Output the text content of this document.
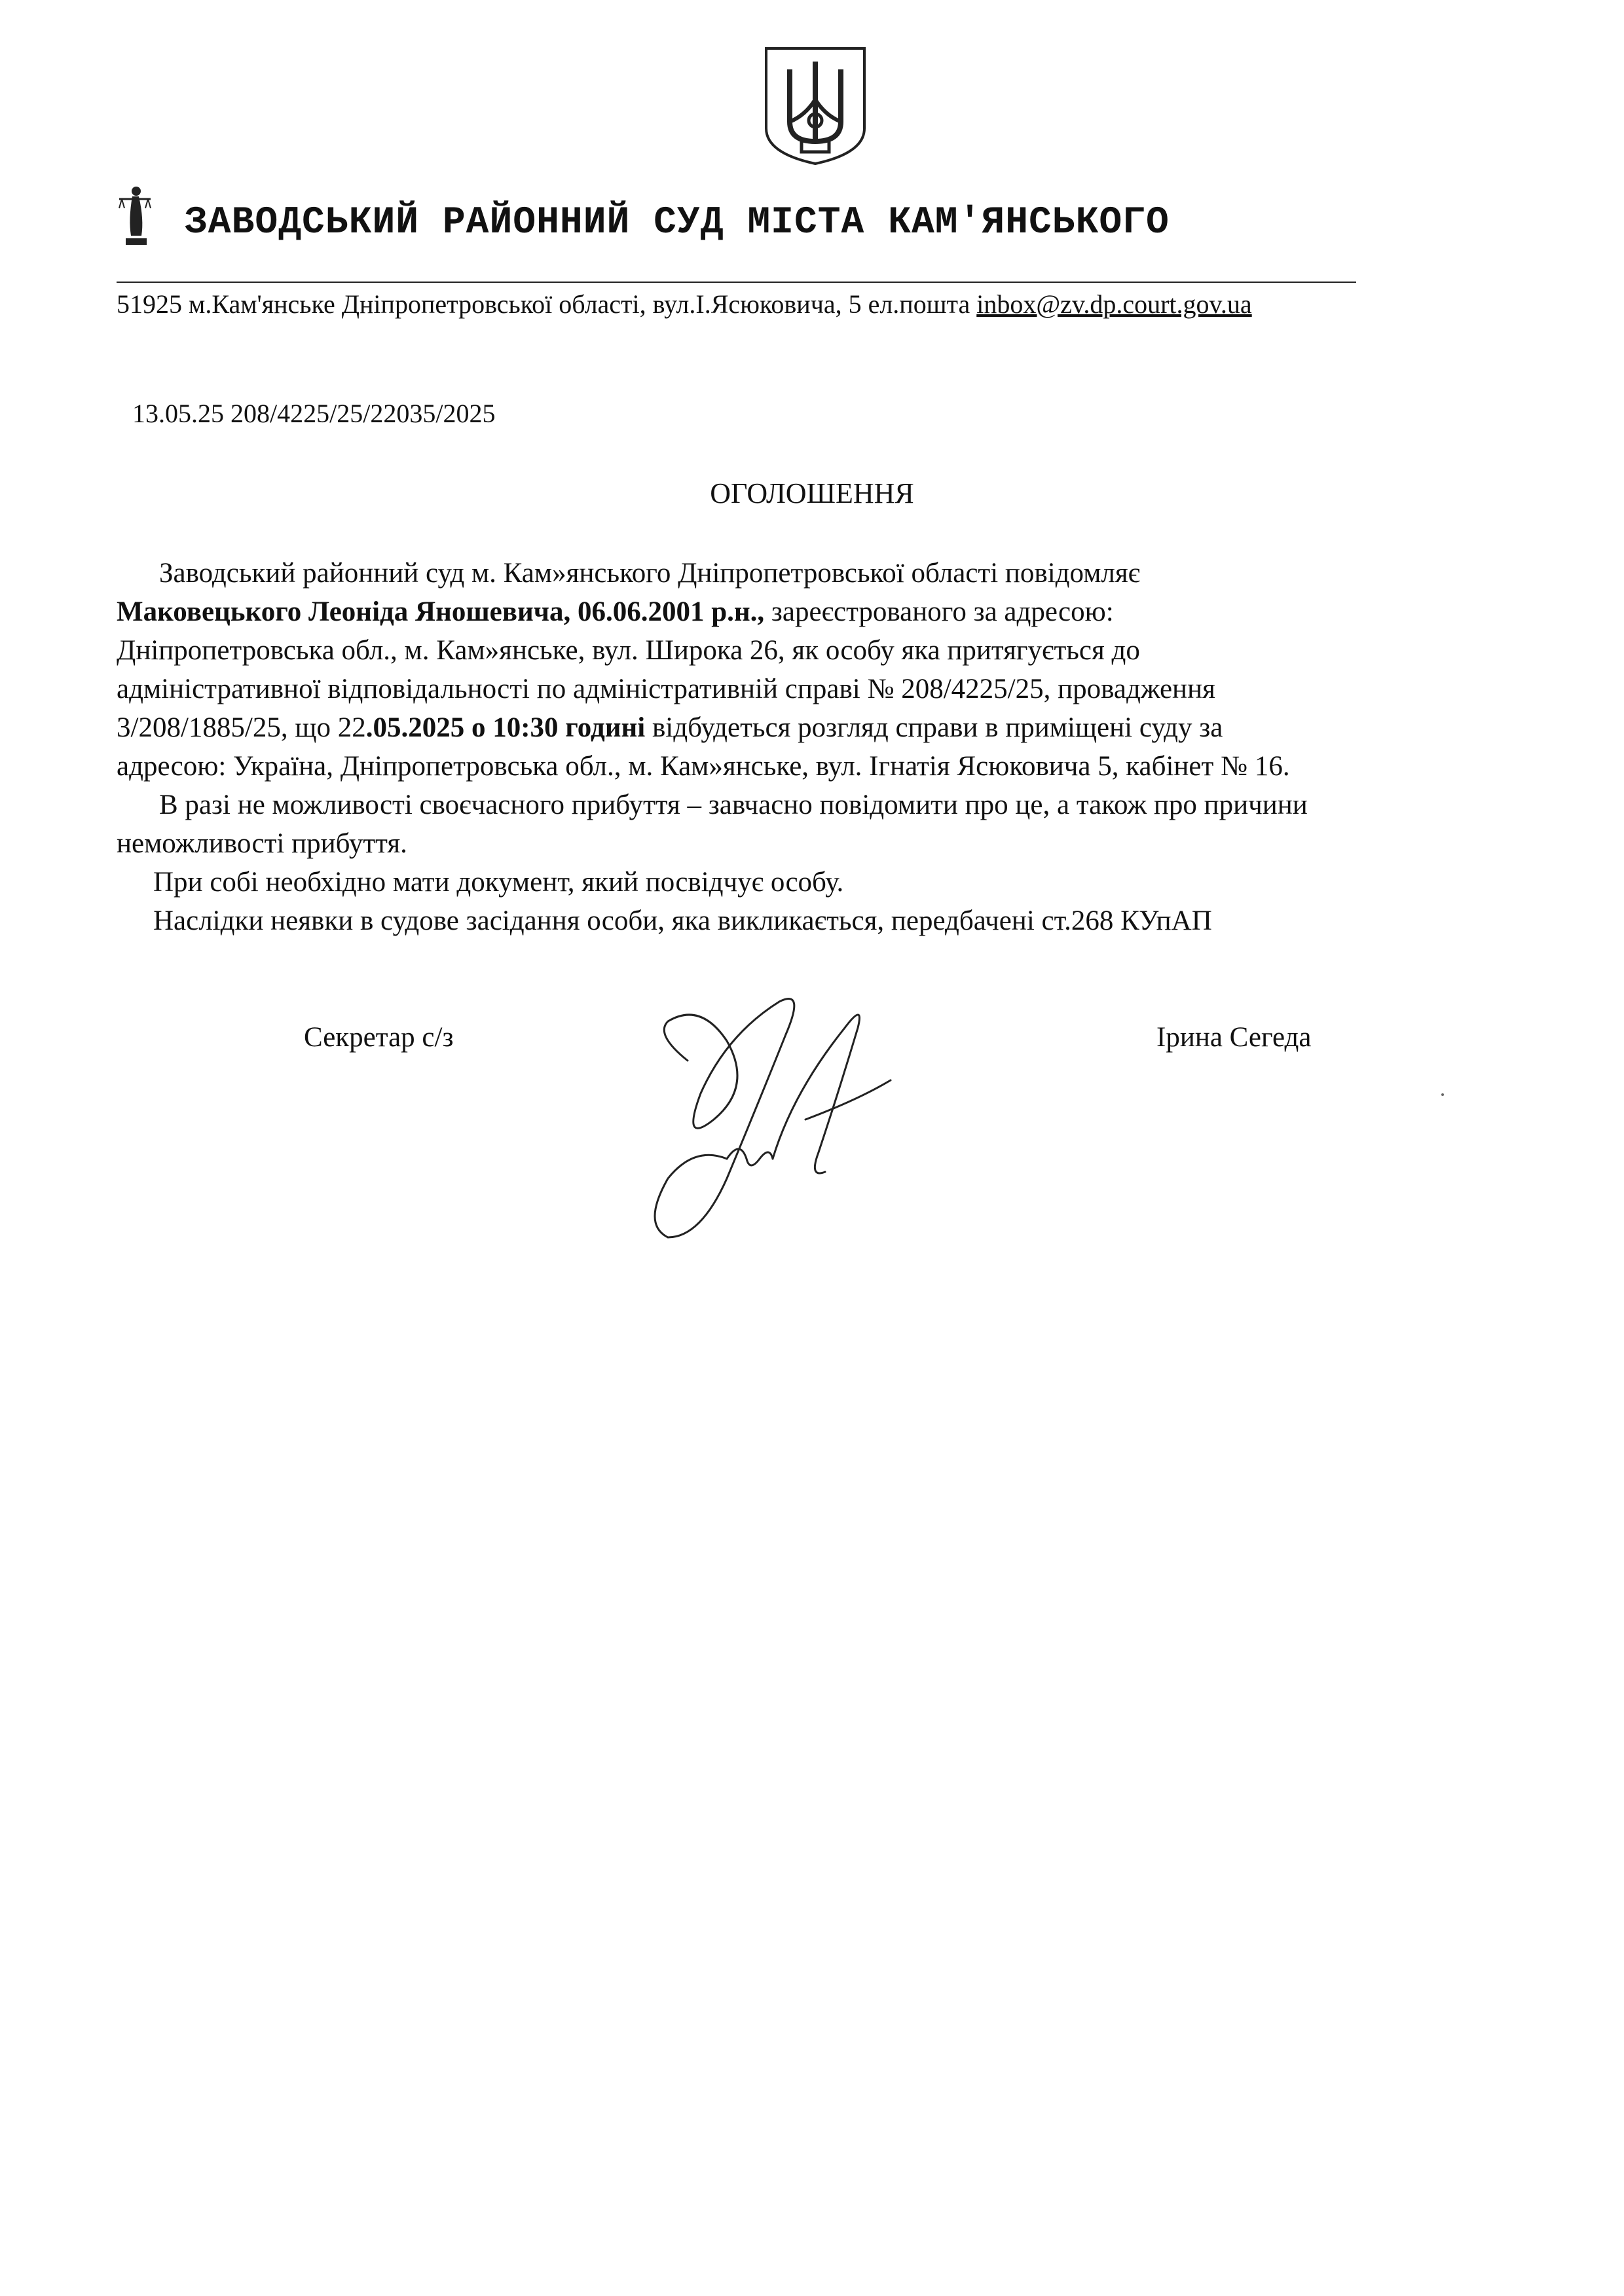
ЗАВОДСЬКИЙ РАЙОННИЙ СУД МІСТА КАМ'ЯНСЬКОГО
51925 м.Кам'янське Дніпропетровської області, вул.І.Ясюковича, 5 ел.пошта inbox@zv.dp.court.gov.ua
13.05.25 208/4225/25/22035/2025
ОГОЛОШЕННЯ
Заводський районний суд м. Кам»янського Дніпропетровської області повідомляє
Маковецького Леоніда Яношевича, 06.06.2001 р.н., зареєстрованого за адресою:
Дніпропетровська обл., м. Кам»янське, вул. Широка 26, як особу яка притягується до
адміністративної відповідальності по адміністративній справі № 208/4225/25, провадження
3/208/1885/25, що 22.05.2025 о 10:30 годині відбудеться розгляд справи в приміщені суду за
адресою: Україна, Дніпропетровська обл., м. Кам»янське, вул. Ігнатія Ясюковича 5, кабінет № 16.
В разі не можливості своєчасного прибуття – завчасно повідомити про це, а також про причини
неможливості прибуття.
При собі необхідно мати документ, який посвідчує особу.
Наслідки неявки в судове засідання особи, яка викликається, передбачені ст.268 КУпАП
Секретар с/з	Ірина Сегеда
